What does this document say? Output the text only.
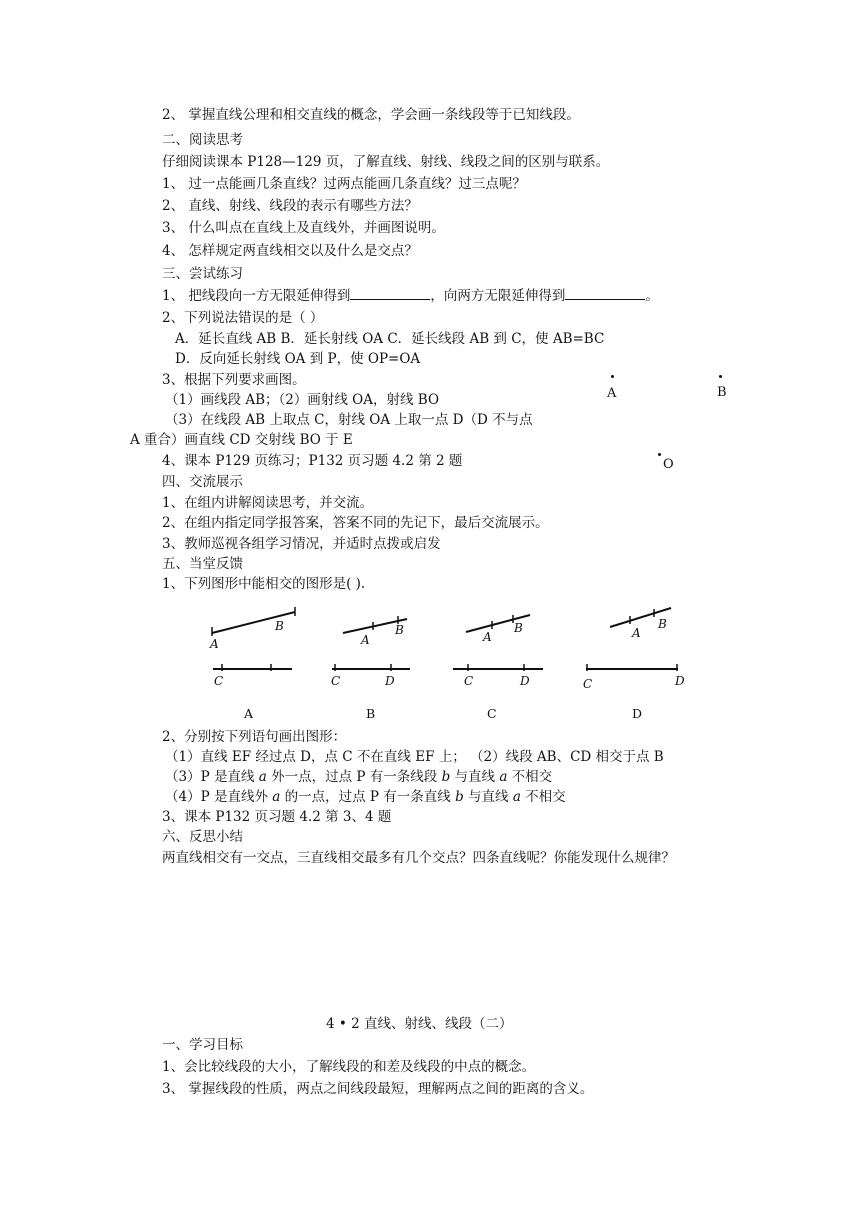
2、 掌握直线公理和相交直线的概念，学会画一条线段等于已知线段。
二、阅读思考
仔细阅读课本 P128—129 页，了解直线、射线、线段之间的区别与联系。
1、 过一点能画几条直线？过两点能画几条直线？过三点呢？
2、 直线、射线、线段的表示有哪些方法？
3、 什么叫点在直线上及直线外，并画图说明。
4、 怎样规定两直线相交以及什么是交点？
三、尝试练习
1、 把线段向一方无限延伸得到	，向两方无限延伸得到	。
2、下列说法错误的是（ ）
A．延长直线 AB B．延长射线 OA C．延长线段 AB 到 C，使 AB=BC
D．反向延长射线 OA 到 P，使 OP=OA
3、根据下列要求画图。
（1）画线段 AB；（2）画射线 OA，射线 BO
（3）在线段 AB 上取点 C，射线 OA 上取一点 D（D 不与点
A 重合）画直线 CD 交射线 BO 于 E
4、课本 P129 页练习；P132 页习题 4.2 第 2 题
A	B
O
四、交流展示
1、在组内讲解阅读思考，并交流。
2、在组内指定同学报答案，答案不同的先记下，最后交流展示。
3、教师巡视各组学习情况，并适时点拨或启发
五、当堂反馈
1、下列图形中能相交的图形是( ).
A
B
C
A
A
B
C	D
B
A
B
C	D
C
A
B
C	D
D
2、分别按下列语句画出图形：
（1）直线 EF 经过点 D，点 C 不在直线 EF 上； （2）线段 AB、CD 相交于点 B
（3）P 是直线 a 外一点，过点 P 有一条线段 b 与直线 a 不相交
（4）P 是直线外 a 的一点，过点 P 有一条直线 b 与直线 a 不相交
3、课本 P132 页习题 4.2 第 3、4 题
六、反思小结
两直线相交有一交点，三直线相交最多有几个交点？四条直线呢？你能发现什么规律？
4 • 2 直线、射线、线段（二）
一、学习目标
1、会比较线段的大小，了解线段的和差及线段的中点的概念。
3、 掌握线段的性质，两点之间线段最短，理解两点之间的距离的含义。
